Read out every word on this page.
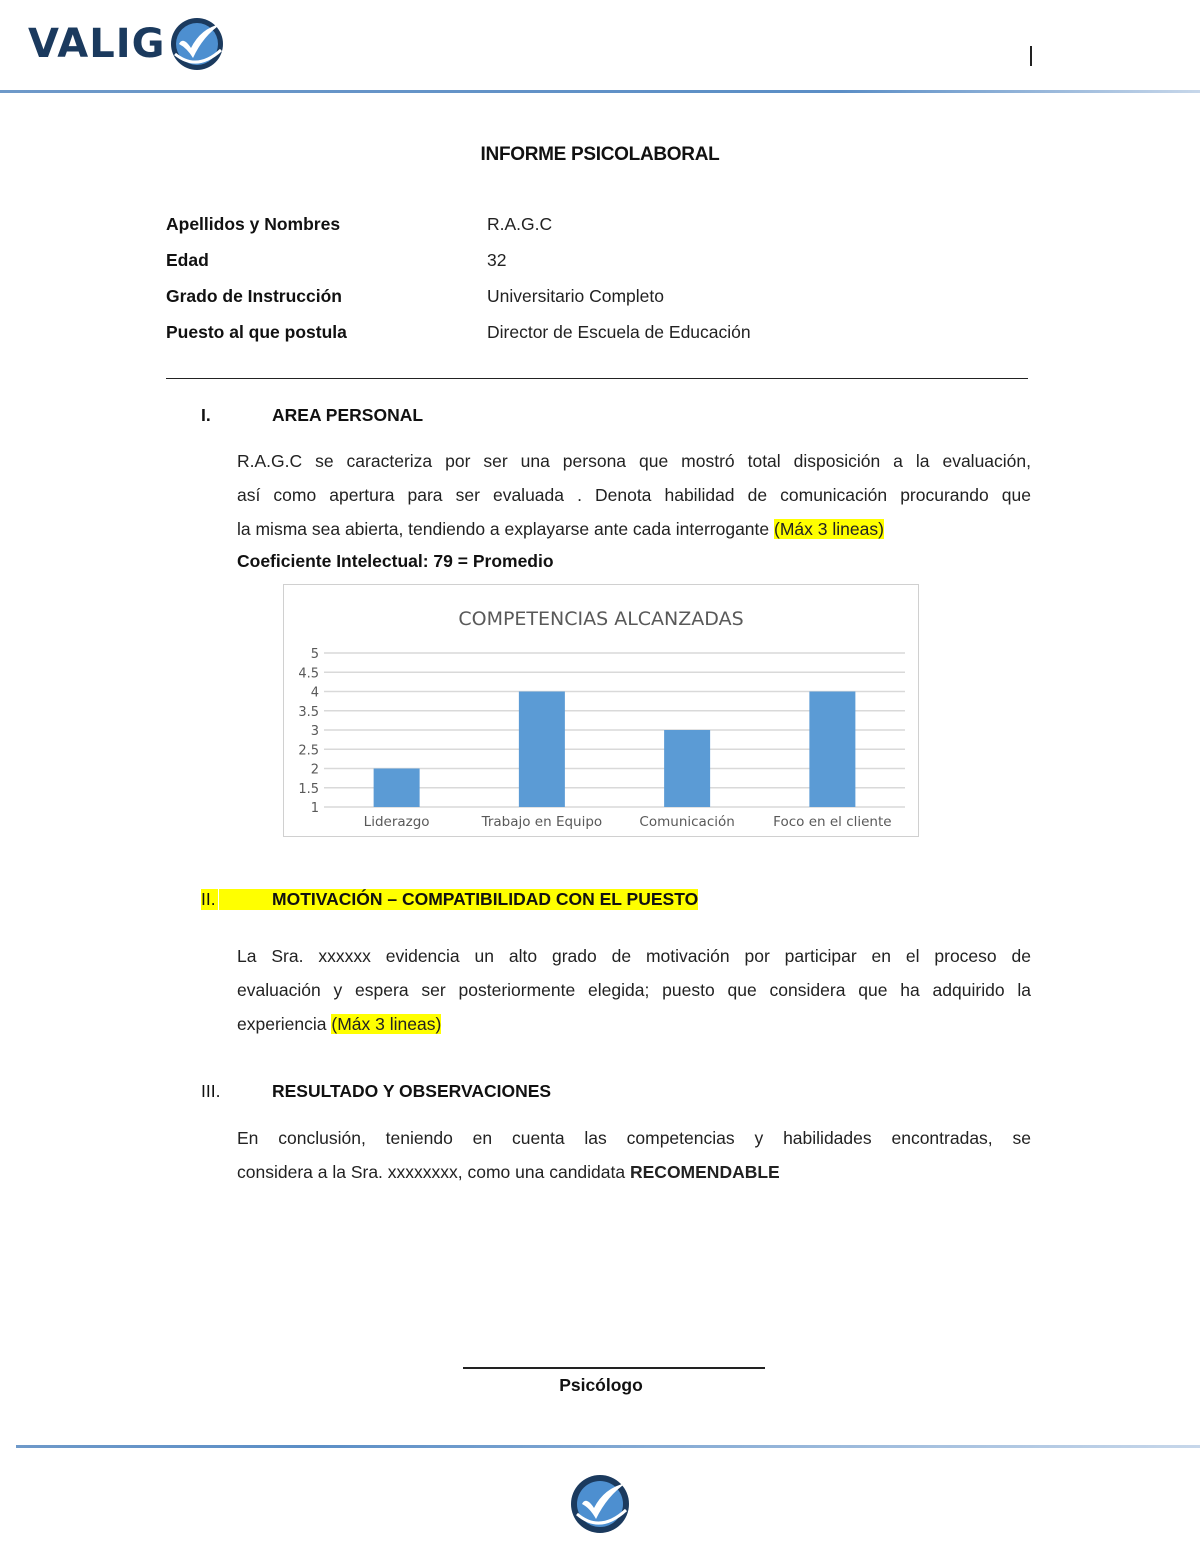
VALIG
INFORME PSICOLABORAL
Apellidos y Nombres	R.A.G.C
Edad	32
Grado de Instrucción	Universitario Completo
Puesto al que postula	Director de Escuela de Educación
I.	AREA PERSONAL
R.A.G.C se caracteriza por ser una persona que mostró total disposición a la evaluación,
así como apertura para ser evaluada . Denota habilidad de comunicación procurando que
la misma sea abierta, tendiendo a explayarse ante cada interrogante (Máx 3 lineas)
Coeficiente Intelectual: 79 = Promedio
COMPETENCIAS ALCANZADAS
1
1.5
2
2.5
3
3.5
4
4.5
5
Liderazgo	Trabajo en Equipo	Comunicación	Foco en el cliente
II.
	MOTIVACIÓN – COMPATIBILIDAD CON EL PUESTO
La Sra. xxxxxx evidencia un alto grado de motivación por participar en el proceso de
evaluación y espera ser posteriormente elegida; puesto que considera que ha adquirido la
experiencia (Máx 3 lineas)
III.	RESULTADO Y OBSERVACIONES
En conclusión, teniendo en cuenta las competencias y habilidades encontradas, se
considera a la Sra. xxxxxxxx, como una candidata RECOMENDABLE
Psicólogo
